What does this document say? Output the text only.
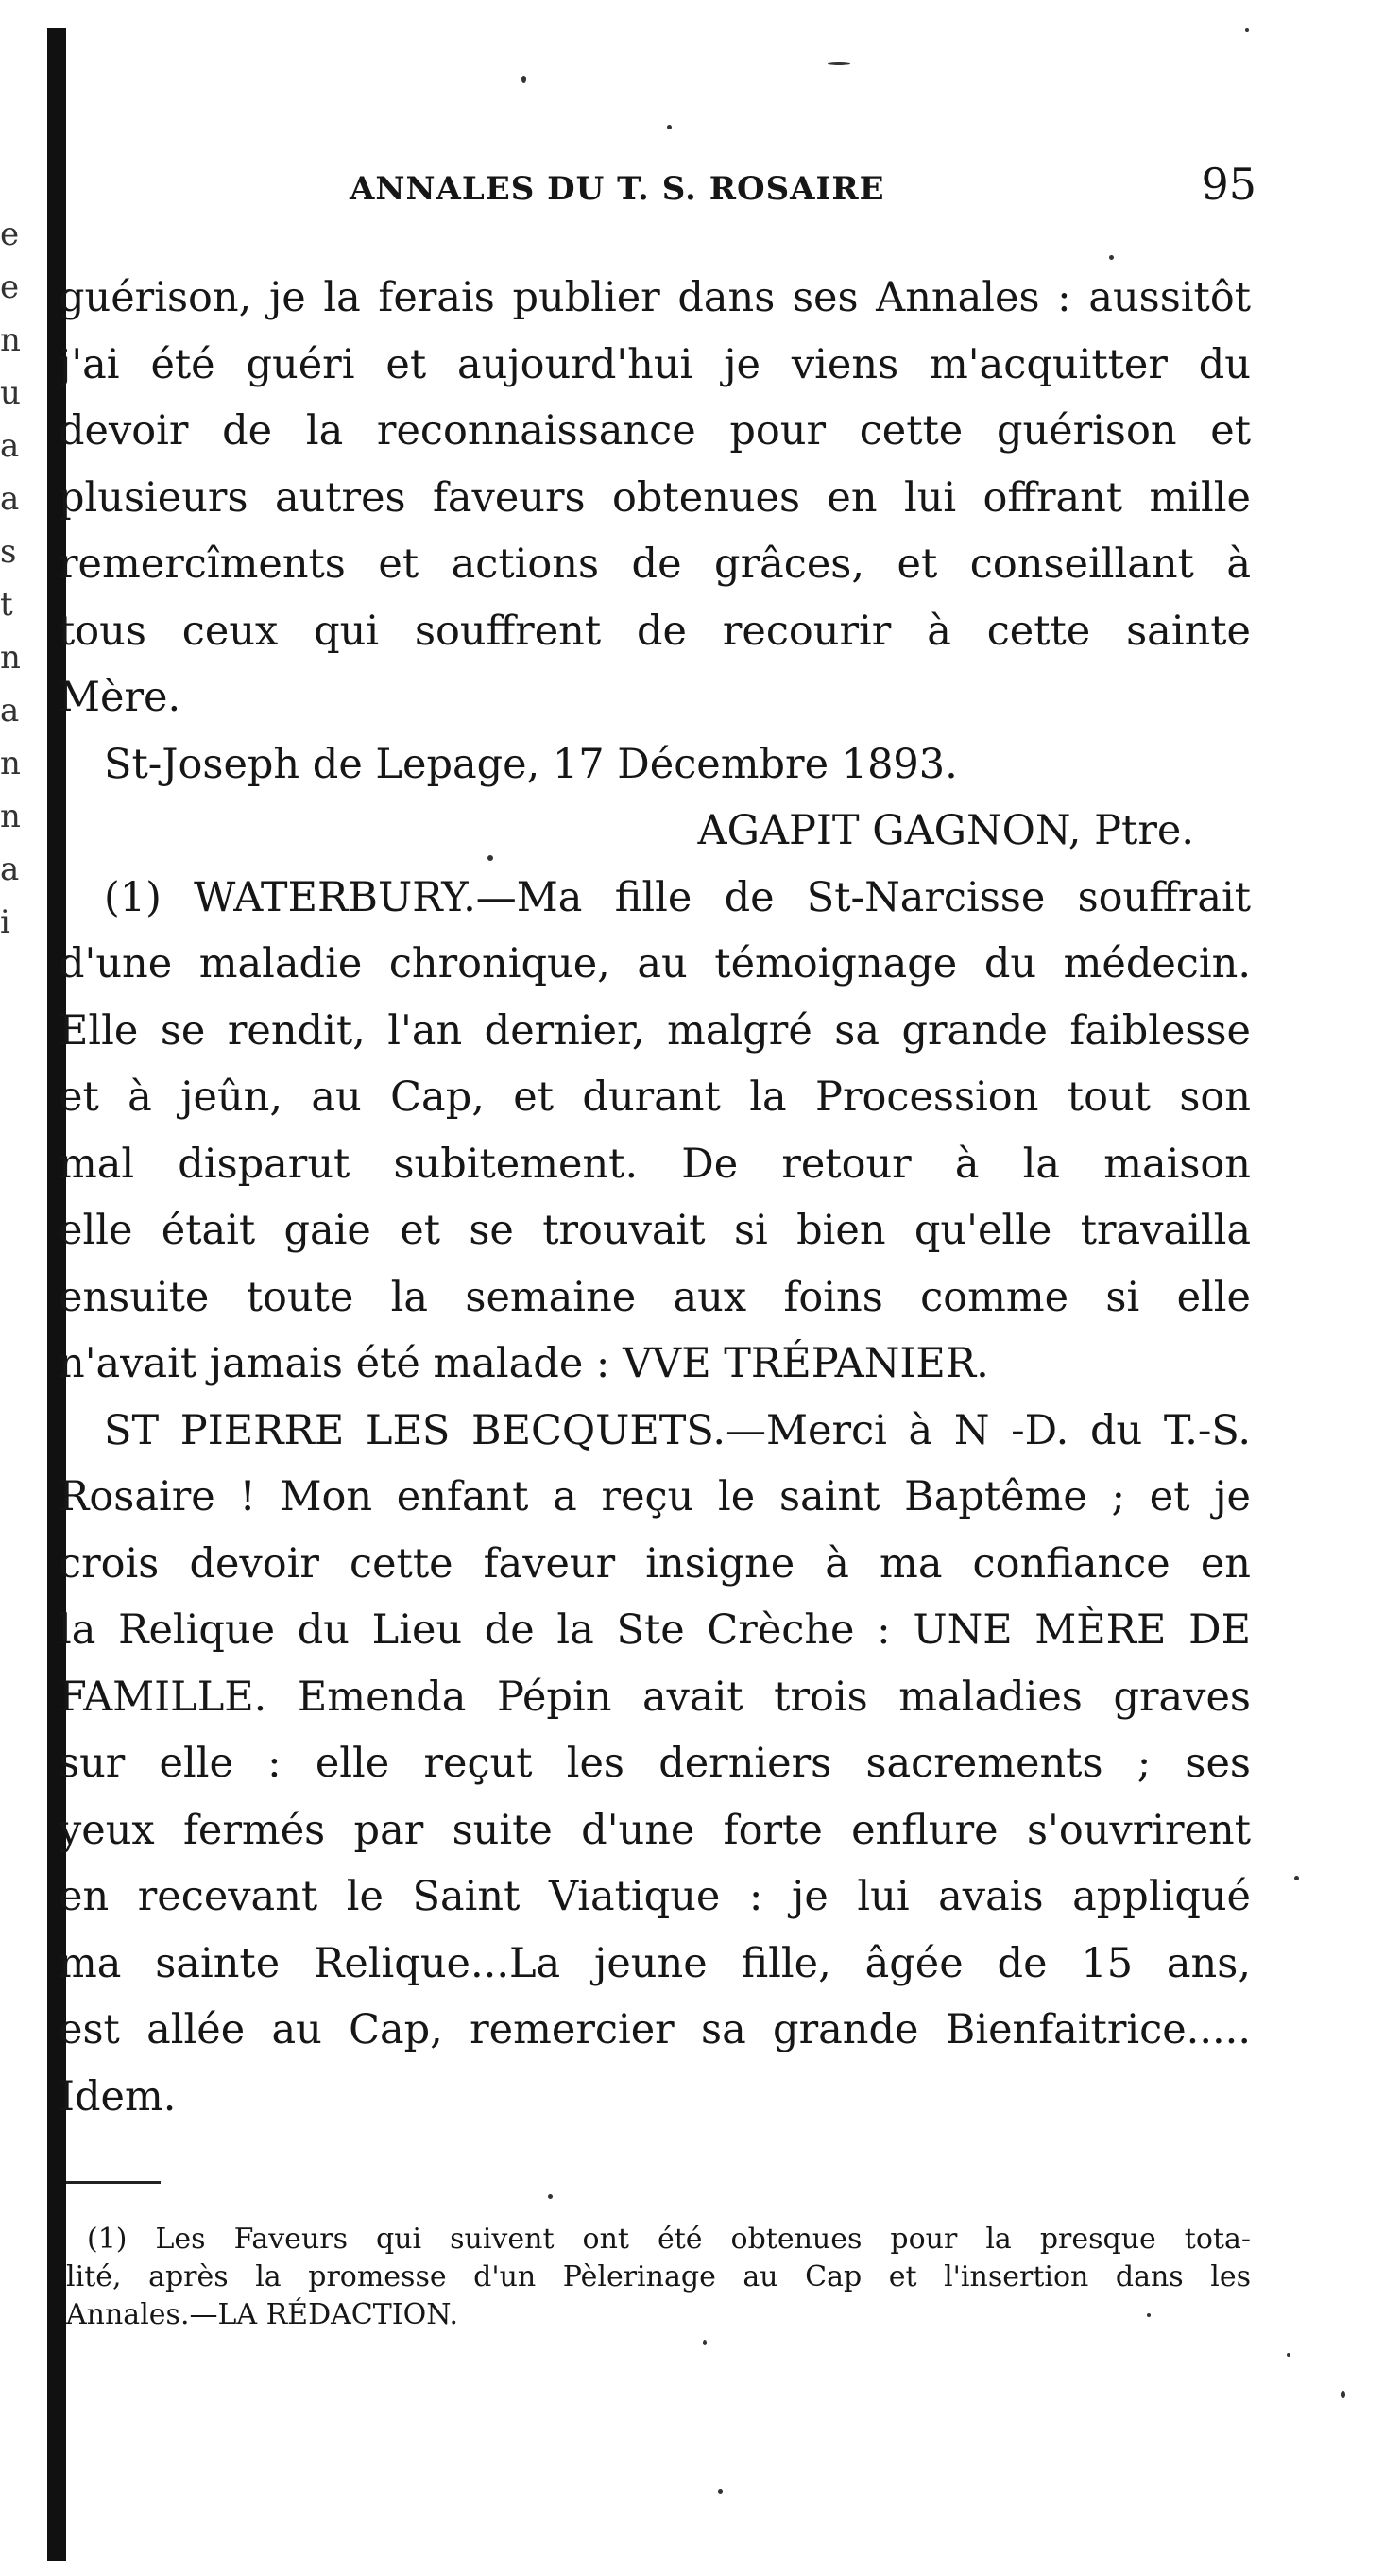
e
e
n
u
a
a
s
t
n
a
n
n
a
i
ANNALES DU T. S. ROSAIRE	95
guérison, je la ferais publier dans ses Annales : aussitôt
j'ai été guéri et aujourd'hui je viens m'acquitter du
devoir de la reconnaissance pour cette guérison et
plusieurs autres faveurs obtenues en lui offrant mille
remercîments et actions de grâces, et conseillant à
tous ceux qui souffrent de recourir à cette sainte
Mère.
St-Joseph de Lepage, 17 Décembre 1893.
AGAPIT GAGNON, Ptre.
(1) WATERBURY.—Ma fille de St-Narcisse souffrait
d'une maladie chronique, au témoignage du médecin.
Elle se rendit, l'an dernier, malgré sa grande faiblesse
et à jeûn, au Cap, et durant la Procession tout son
mal disparut subitement. De retour à la maison
elle était gaie et se trouvait si bien qu'elle travailla
ensuite toute la semaine aux foins comme si elle
n'avait jamais été malade : VVE TRÉPANIER.
ST PIERRE LES BECQUETS.—Merci à N -D. du T.-S.
Rosaire ! Mon enfant a reçu le saint Baptême ; et je
crois devoir cette faveur insigne à ma confiance en
la Relique du Lieu de la Ste Crèche : UNE MÈRE DE
FAMILLE. Emenda Pépin avait trois maladies graves
sur elle : elle reçut les derniers sacrements ; ses
yeux fermés par suite d'une forte enflure s'ouvrirent
en recevant le Saint Viatique : je lui avais appliqué
ma sainte Relique...La jeune fille, âgée de 15 ans,
est allée au Cap, remercier sa grande Bienfaitrice.....
Idem.
(1) Les Faveurs qui suivent ont été obtenues pour la presque tota-
lité, après la promesse d'un Pèlerinage au Cap et l'insertion dans les
Annales.—LA RÉDACTION.
